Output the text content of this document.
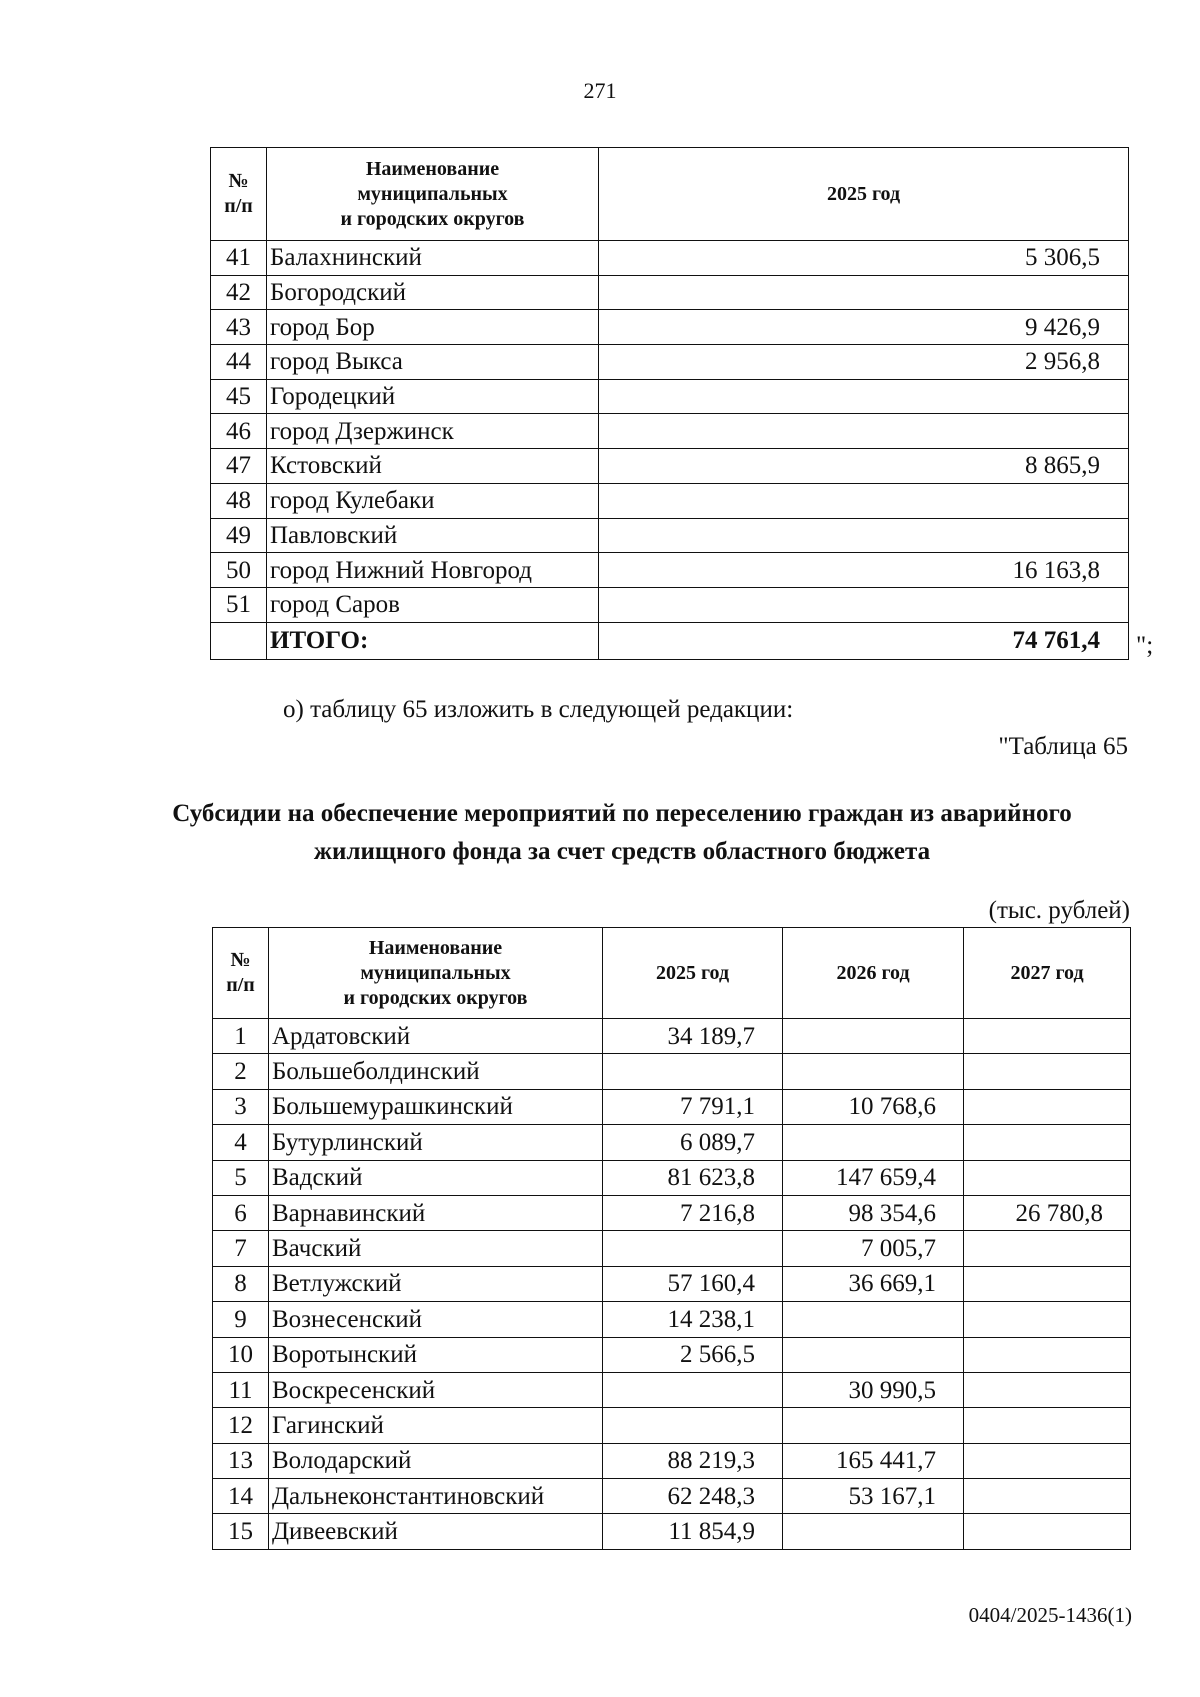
271
№
п/п	Наименование
муниципальных
и городских округов	2025 год
41	Балахнинский	5 306,5
42	Богородский	
43	город Бор	9 426,9
44	город Выкса	2 956,8
45	Городецкий	
46	город Дзержинск	
47	Кстовский	8 865,9
48	город Кулебаки	
49	Павловский	
50	город Нижний Новгород	16 163,8
51	город Саров	
	ИТОГО:	74 761,4 ";
о) таблицу 65 изложить в следующей редакции:
"Таблица 65
Субсидии на обеспечение мероприятий по переселению граждан из аварийного жилищного фонда за счет средств областного бюджета
(тыс. рублей)
№
п/п	Наименование
муниципальных
и городских округов	2025 год	2026 год	2027 год
1	Ардатовский	34 189,7		
2	Большеболдинский			
3	Большемурашкинский	7 791,1	10 768,6	
4	Бутурлинский	6 089,7		
5	Вадский	81 623,8	147 659,4	
6	Варнавинский	7 216,8	98 354,6	26 780,8
7	Вачский		7 005,7	
8	Ветлужский	57 160,4	36 669,1	
9	Вознесенский	14 238,1		
10	Воротынский	2 566,5		
11	Воскресенский		30 990,5	
12	Гагинский			
13	Володарский	88 219,3	165 441,7	
14	Дальнеконстантиновский	62 248,3	53 167,1	
15	Дивеевский	11 854,9		
0404/2025-1436(1)
